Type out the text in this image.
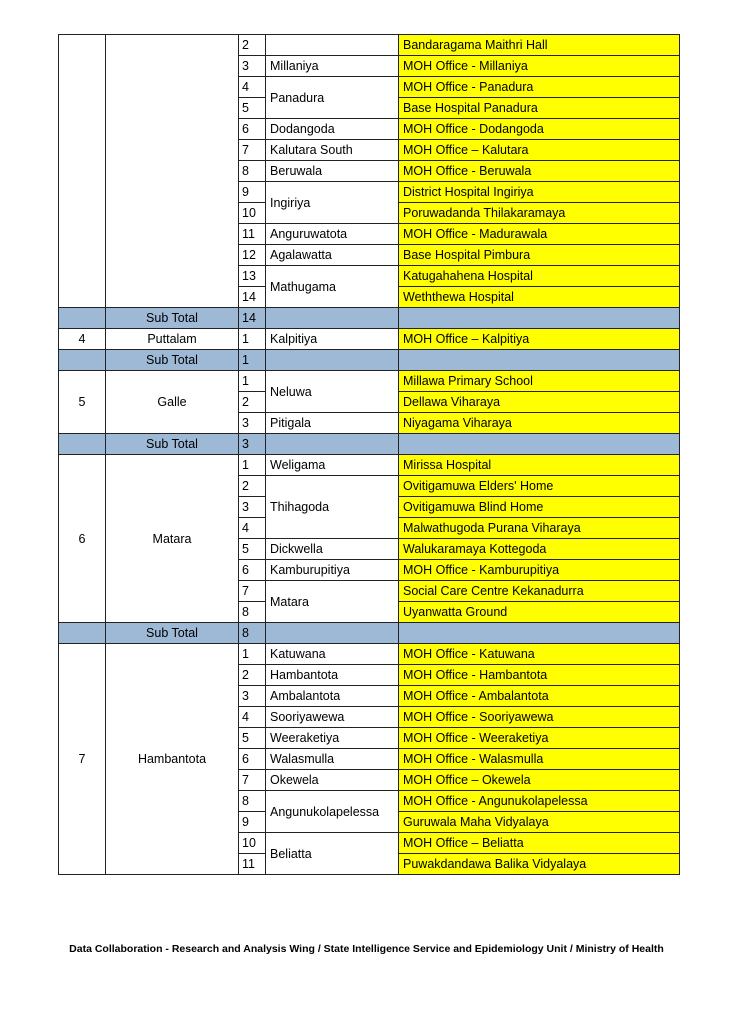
		2		Bandaragama Maithri Hall
		3	Millaniya	MOH Office - Millaniya
		4	Panadura	MOH Office - Panadura
		5		Base Hospital Panadura
		6	Dodangoda	MOH Office - Dodangoda
		7	Kalutara South	MOH Office – Kalutara
		8	Beruwala	MOH Office - Beruwala
		9	Ingiriya	District Hospital Ingiriya
		10		Poruwadanda Thilakaramaya
		11	Anguruwatota	MOH Office - Madurawala
		12	Agalawatta	Base Hospital Pimbura
		13	Mathugama	Katugahahena Hospital
		14		Weththewa Hospital
	Sub Total	14		
4	Puttalam	1	Kalpitiya	MOH Office – Kalpitiya
	Sub Total	1		
5	Galle	1	Neluwa	Millawa Primary School
		2		Dellawa Viharaya
		3	Pitigala	Niyagama Viharaya
	Sub Total	3		
6	Matara	1	Weligama	Mirissa Hospital
		2	Thihagoda	Ovitigamuwa Elders' Home
		3		Ovitigamuwa Blind Home
		4		Malwathugoda Purana Viharaya
		5	Dickwella	Walukaramaya Kottegoda
		6	Kamburupitiya	MOH Office - Kamburupitiya
		7	Matara	Social Care Centre Kekanadurra
		8		Uyanwatta Ground
	Sub Total	8		
7	Hambantota	1	Katuwana	MOH Office - Katuwana
		2	Hambantota	MOH Office - Hambantota
		3	Ambalantota	MOH Office - Ambalantota
		4	Sooriyawewa	MOH Office - Sooriyawewa
		5	Weeraketiya	MOH Office - Weeraketiya
		6	Walasmulla	MOH Office - Walasmulla
		7	Okewela	MOH Office – Okewela
		8	Angunukolapelessa	MOH Office - Angunukolapelessa
		9		Guruwala Maha Vidyalaya
		10	Beliatta	MOH Office – Beliatta
		11		Puwakdandawa Balika Vidyalaya
Data Collaboration - Research and Analysis Wing / State Intelligence Service and Epidemiology Unit / Ministry of Health
